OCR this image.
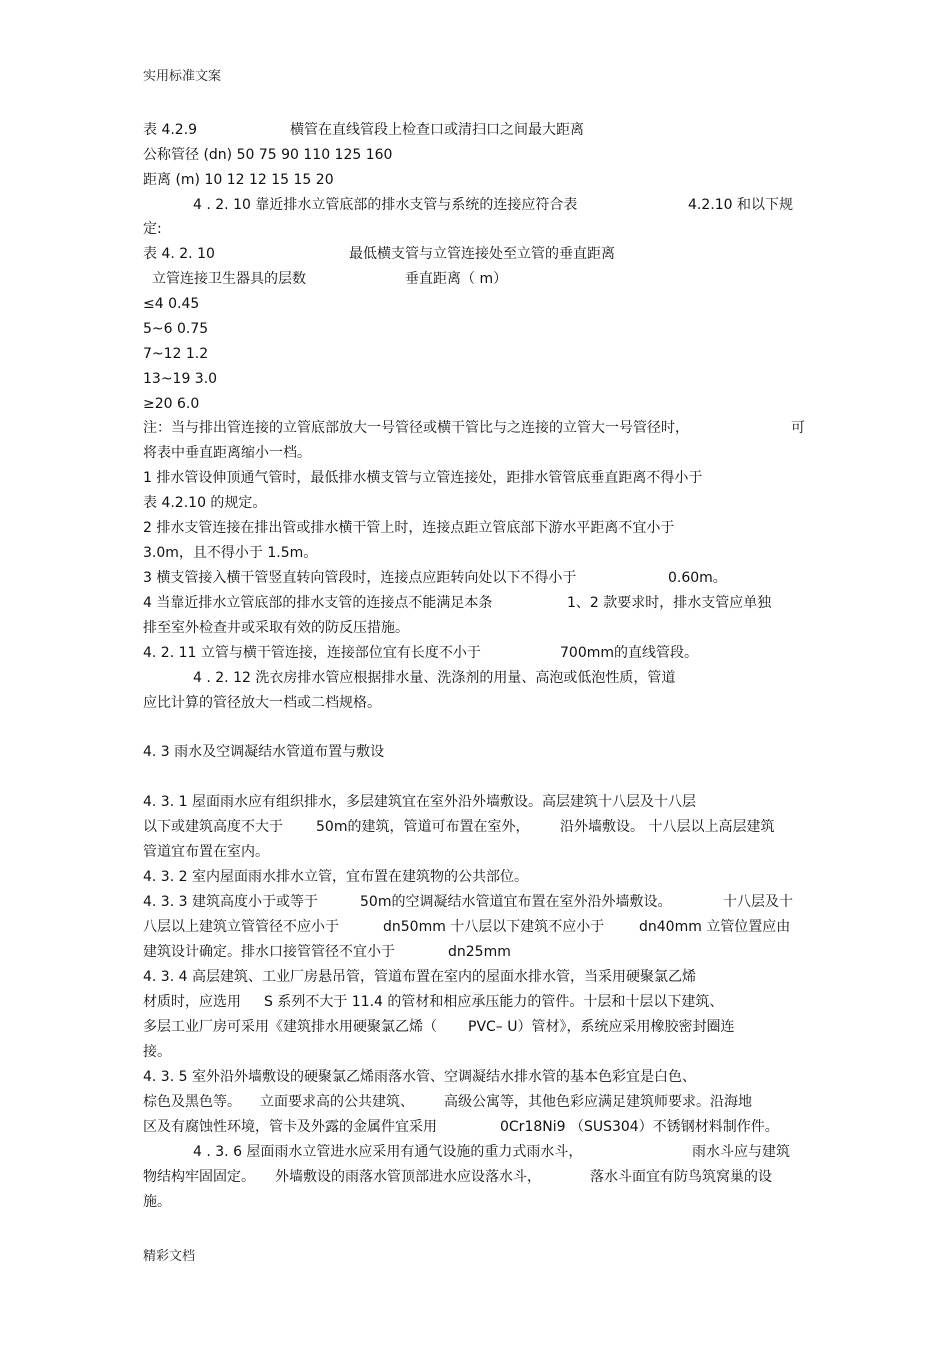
实用标准文案
表 4.2.9	横管在直线管段上检查口或清扫口之间最大距离
公称管径 (dn) 50 75 90 110 125 160
距离 (m) 10 12 12 15 15 20
4 . 2. 10 靠近排水立管底部的排水支管与系统的连接应符合表	4.2.10 和以下规
定:
表 4. 2. 10	最低横支管与立管连接处至立管的垂直距离
立管连接卫生器具的层数	垂直距离（ m）
≤4 0.45
5~6 0.75
7~12 1.2
13~19 3.0
≥20 6.0
注：当与排出管连接的立管底部放大一号管径或横干管比与之连接的立管大一号管径时，	可
将表中垂直距离缩小一档。
1 排水管设伸顶通气管时，最低排水横支管与立管连接处，距排水管管底垂直距离不得小于
表 4.2.10 的规定。
2 排水支管连接在排出管或排水横干管上时，连接点距立管底部下游水平距离不宜小于
3.0m，且不得小于 1.5m。
3 横支管接入横干管竖直转向管段时，连接点应距转向处以下不得小于	0.60m。
4 当靠近排水立管底部的排水支管的连接点不能满足本条	1、2 款要求时，排水支管应单独
排至室外检查井或采取有效的防反压措施。
4. 2. 11 立管与横干管连接，连接部位宜有长度不小于	700mm的直线管段。
4 . 2. 12 洗衣房排水管应根据排水量、洗涤剂的用量、高泡或低泡性质，管道
应比计算的管径放大一档或二档规格。
4. 3 雨水及空调凝结水管道布置与敷设
4. 3. 1 屋面雨水应有组织排水，多层建筑宜在室外沿外墙敷设。高层建筑十八层及十八层
以下或建筑高度不大于 50m的建筑，管道可布置在室外， 沿外墙敷设。 十八层以上高层建筑
管道宜布置在室内。
4. 3. 2 室内屋面雨水排水立管，宜布置在建筑物的公共部位。
4. 3. 3 建筑高度小于或等于	50m的空调凝结水管道宜布置在室外沿外墙敷设。	十八层及十
八层以上建筑立管管径不应小于	dn50mm 十八层以下建筑不应小于 dn40mm 立管位置应由
建筑设计确定。排水口接管管径不宜小于	dn25mm
4. 3. 4 高层建筑、工业厂房悬吊管，管道布置在室内的屋面水排水管，当采用硬聚氯乙烯
材质时，应选用 S 系列不大于 11.4 的管材和相应承压能力的管件。十层和十层以下建筑、
多层工业厂房可采用《建筑排水用硬聚氯乙烯（ PVC– U）管材》，系统应采用橡胶密封圈连
接。
4. 3. 5 室外沿外墙敷设的硬聚氯乙烯雨落水管、空调凝结水排水管的基本色彩宜是白色、
棕色及黑色等。 立面要求高的公共建筑、 高级公寓等，其他色彩应满足建筑师要求。沿海地
区及有腐蚀性环境，管卡及外露的金属件宜采用	0Cr18Ni9 （SUS304）不锈钢材料制作件。
4 . 3. 6 屋面雨水立管进水应采用有通气设施的重力式雨水斗，	雨水斗应与建筑
物结构牢固固定。 外墙敷设的雨落水管顶部进水应设落水斗，	落水斗面宜有防鸟筑窝巢的设
施。
精彩文档
